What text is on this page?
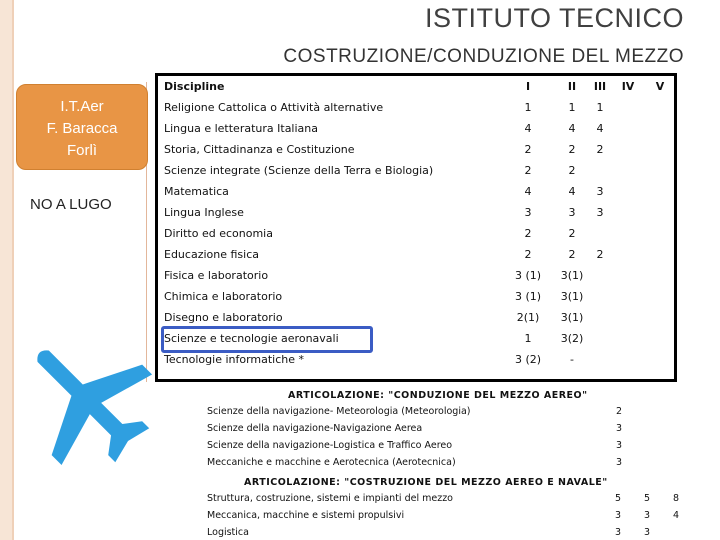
ISTITUTO TECNICO
COSTRUZIONE/CONDUZIONE DEL MEZZO
I.T.Aer
F. Baracca
Forlì
NO A LUGO
Discipline	I	II	III IV	V
Religione Cattolica o Attività alternative	1	1	1
Lingua e letteratura Italiana	4	4	4
Storia, Cittadinanza e Costituzione	2	2	2
Scienze integrate (Scienze della Terra e Biologia)	2	2
Matematica	4	4	3
Lingua Inglese	3	3	3
Diritto ed economia	2	2
Educazione fisica	2	2	2
Fisica e laboratorio	3 (1)	3(1)
Chimica e laboratorio	3 (1)	3(1)
Disegno e laboratorio	2(1)	3(1)
Scienze e tecnologie aeronavali	1	3(2)
Tecnologie informatiche *	3 (2)	-
ARTICOLAZIONE: "CONDUZIONE DEL MEZZO AEREO"
Scienze della navigazione- Meteorologia (Meteorologia)	2
Scienze della navigazione-Navigazione Aerea	3
Scienze della navigazione-Logistica e Traffico Aereo	3
Meccaniche e macchine e Aerotecnica (Aerotecnica)	3
ARTICOLAZIONE: "COSTRUZIONE DEL MEZZO AEREO E NAVALE"
Struttura, costruzione, sistemi e impianti del mezzo	5 5 8
Meccanica, macchine e sistemi propulsivi	3 3 4
Logistica	3 3
